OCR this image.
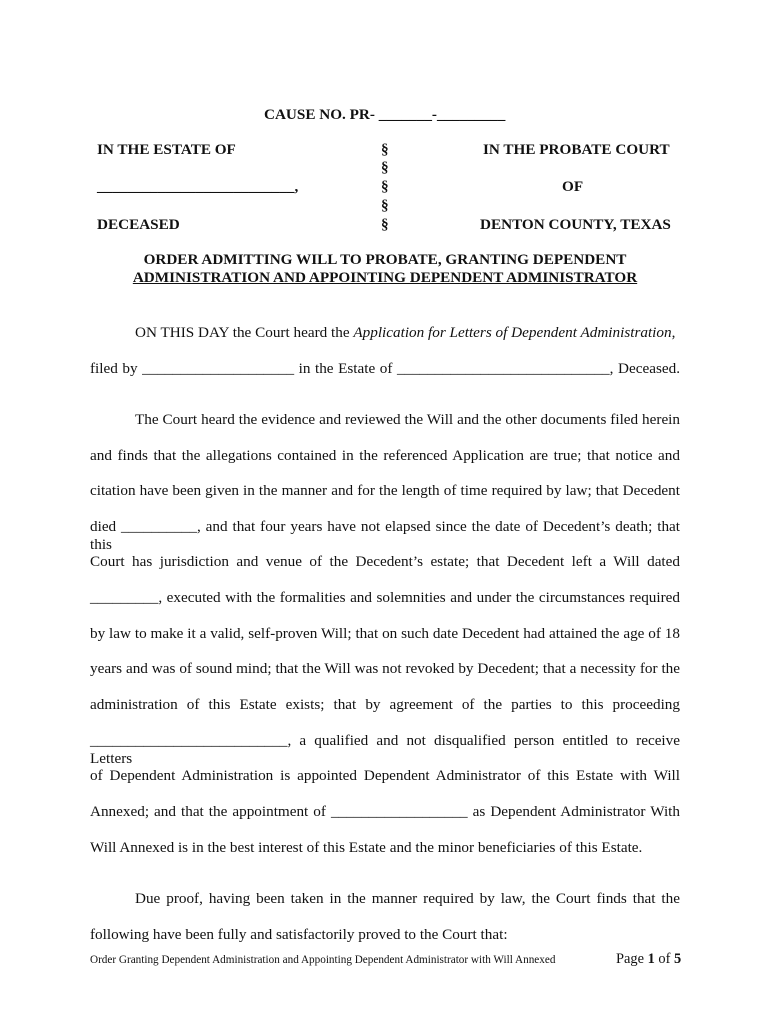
CAUSE NO. PR- _______-_________
IN THE ESTATE OF
__________________________,
DECEASED
§
§
§
§
§
IN THE PROBATE COURT
OF
DENTON COUNTY, TEXAS
ORDER ADMITTING WILL TO PROBATE, GRANTING DEPENDENT
ADMINISTRATION AND APPOINTING DEPENDENT ADMINISTRATOR
ON THIS DAY the Court heard the Application for Letters of Dependent Administration,
filed by ____________________ in the Estate of ____________________________, Deceased.
The Court heard the evidence and reviewed the Will and the other documents filed herein
and finds that the allegations contained in the referenced Application are true; that notice and
citation have been given in the manner and for the length of time required by law; that Decedent
died __________, and that four years have not elapsed since the date of Decedent’s death; that this
Court has jurisdiction and venue of the Decedent’s estate; that Decedent left a Will dated
_________, executed with the formalities and solemnities and under the circumstances required
by law to make it a valid, self-proven Will; that on such date Decedent had attained the age of 18
years and was of sound mind; that the Will was not revoked by Decedent; that a necessity for the
administration of this Estate exists; that by agreement of the parties to this proceeding
__________________________, a qualified and not disqualified person entitled to receive Letters
of Dependent Administration is appointed Dependent Administrator of this Estate with Will
Annexed; and that the appointment of __________________ as Dependent Administrator With
Will Annexed is in the best interest of this Estate and the minor beneficiaries of this Estate.
Due proof, having been taken in the manner required by law, the Court finds that the
following have been fully and satisfactorily proved to the Court that:
Order Granting Dependent Administration and Appointing Dependent Administrator with Will Annexed	Page 1 of 5
